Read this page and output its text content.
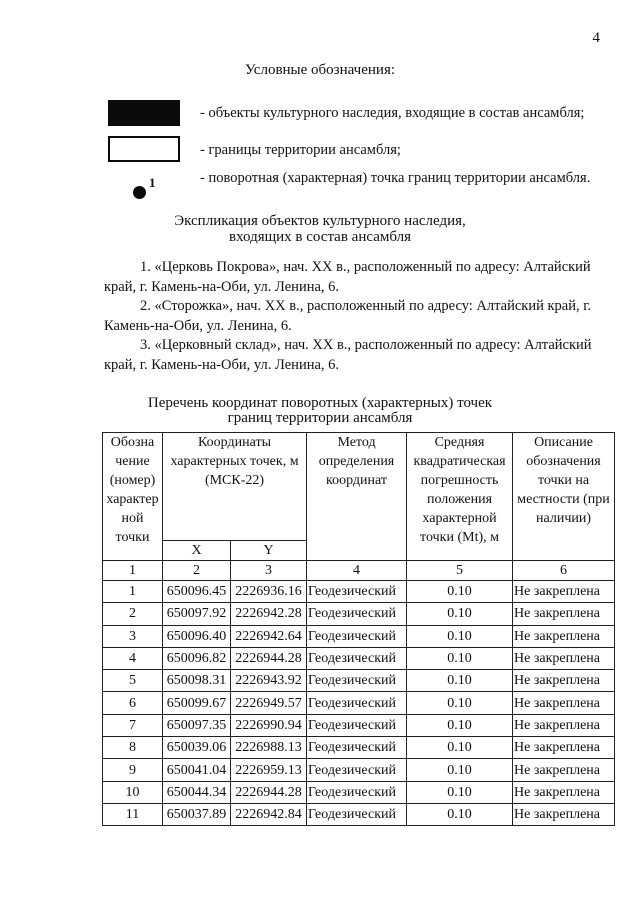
4
Условные обозначения:
- объекты культурного наследия, входящие в состав ансамбля;
- границы территории ансамбля;
1	- поворотная (характерная) точка границ территории ансамбля.
Экспликация объектов культурного наследия,
входящих в состав ансамбля

1. «Церковь Покрова», нач. XX в., расположенный по адресу: Алтайский край, г. Камень-на-Оби, ул. Ленина, 6.

2. «Сторожка», нач. XX в., расположенный по адресу: Алтайский край, г. Камень-на-Оби, ул. Ленина, 6.

3. «Церковный склад», нач. XX в., расположенный по адресу: Алтайский край, г. Камень-на-Оби, ул. Ленина, 6.

Перечень координат поворотных (характерных) точек
границ территории ансамбля
Обозна чение (номер) характер ной точки	Координаты характерных точек, м (МСК-22)		Метод определения координат	Средняя квадратическая погрешность положения характерной точки (Mt), м	Описание обозначения точки на местности (при наличии)
	X	Y			
1	2	3	4	5	6
1	650096.45	2226936.16	Геодезический	0.10	Не закреплена
2	650097.92	2226942.28	Геодезический	0.10	Не закреплена
3	650096.40	2226942.64	Геодезический	0.10	Не закреплена
4	650096.82	2226944.28	Геодезический	0.10	Не закреплена
5	650098.31	2226943.92	Геодезический	0.10	Не закреплена
6	650099.67	2226949.57	Геодезический	0.10	Не закреплена
7	650097.35	2226990.94	Геодезический	0.10	Не закреплена
8	650039.06	2226988.13	Геодезический	0.10	Не закреплена
9	650041.04	2226959.13	Геодезический	0.10	Не закреплена
10	650044.34	2226944.28	Геодезический	0.10	Не закреплена
11	650037.89	2226942.84	Геодезический	0.10	Не закреплена
